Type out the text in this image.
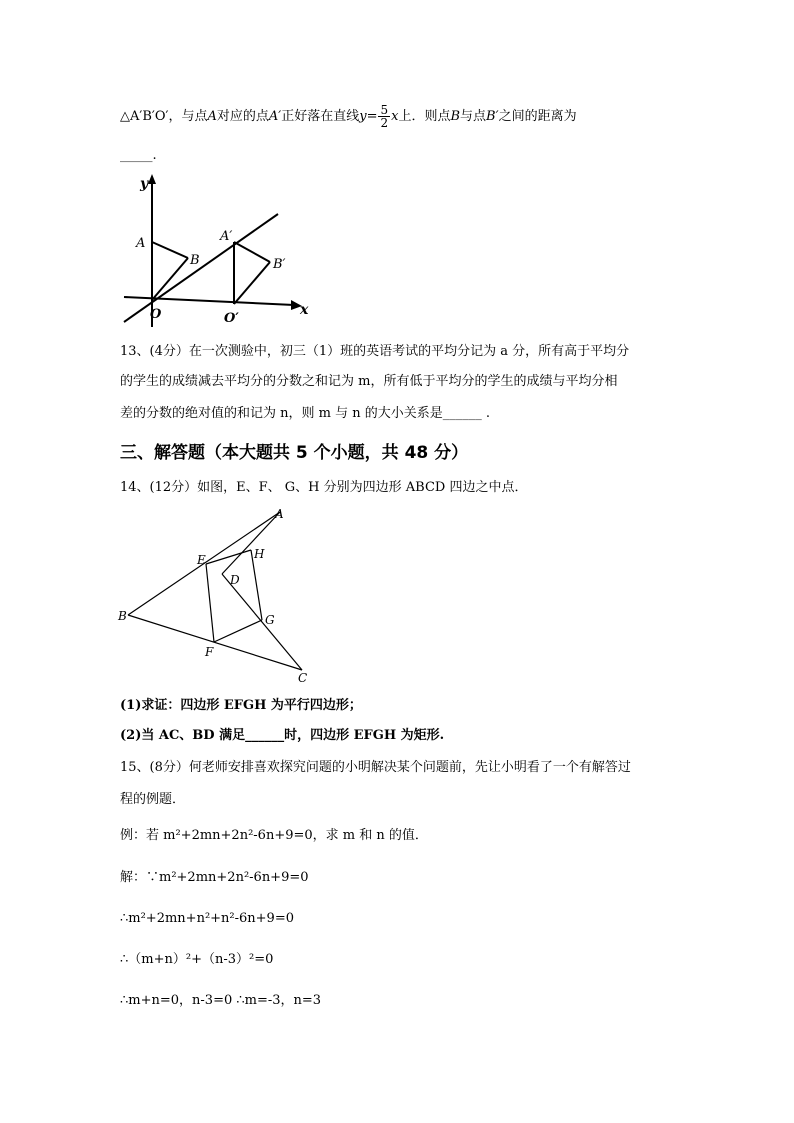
△A′B′O′，与点A对应的点A′正好落在直线$y= \frac{5}{2}$ x上．则点B与点B′之间的距离为
_____.
y
x
A
B
O
A′
B′
O′
13、(4分）在一次测验中，初三（1）班的英语考试的平均分记为 a 分，所有高于平均分
的学生的成绩减去平均分的分数之和记为 m，所有低于平均分的学生的成绩与平均分相
差的分数的绝对值的和记为 n，则 m 与 n 的大小关系是______ .
三、解答题（本大题共 5 个小题，共 48 分）
14、(12分）如图，E、F、 G、H 分别为四边形 ABCD 四边之中点．
A
B
C
D
E
F
G
H
(1)求证：四边形 EFGH 为平行四边形；
(2)当 AC、BD 满足______时，四边形 EFGH 为矩形.
15、(8分）何老师安排喜欢探究问题的小明解决某个问题前，先让小明看了一个有解答过
程的例题．
例：若 m²+2mn+2n²-6n+9=0，求 m 和 n 的值．
解：∵m²+2mn+2n²-6n+9=0
∴m²+2mn+n²+n²-6n+9=0
∴（m+n）²+（n-3）²=0
∴m+n=0，n-3=0 ∴m=-3，n=3
